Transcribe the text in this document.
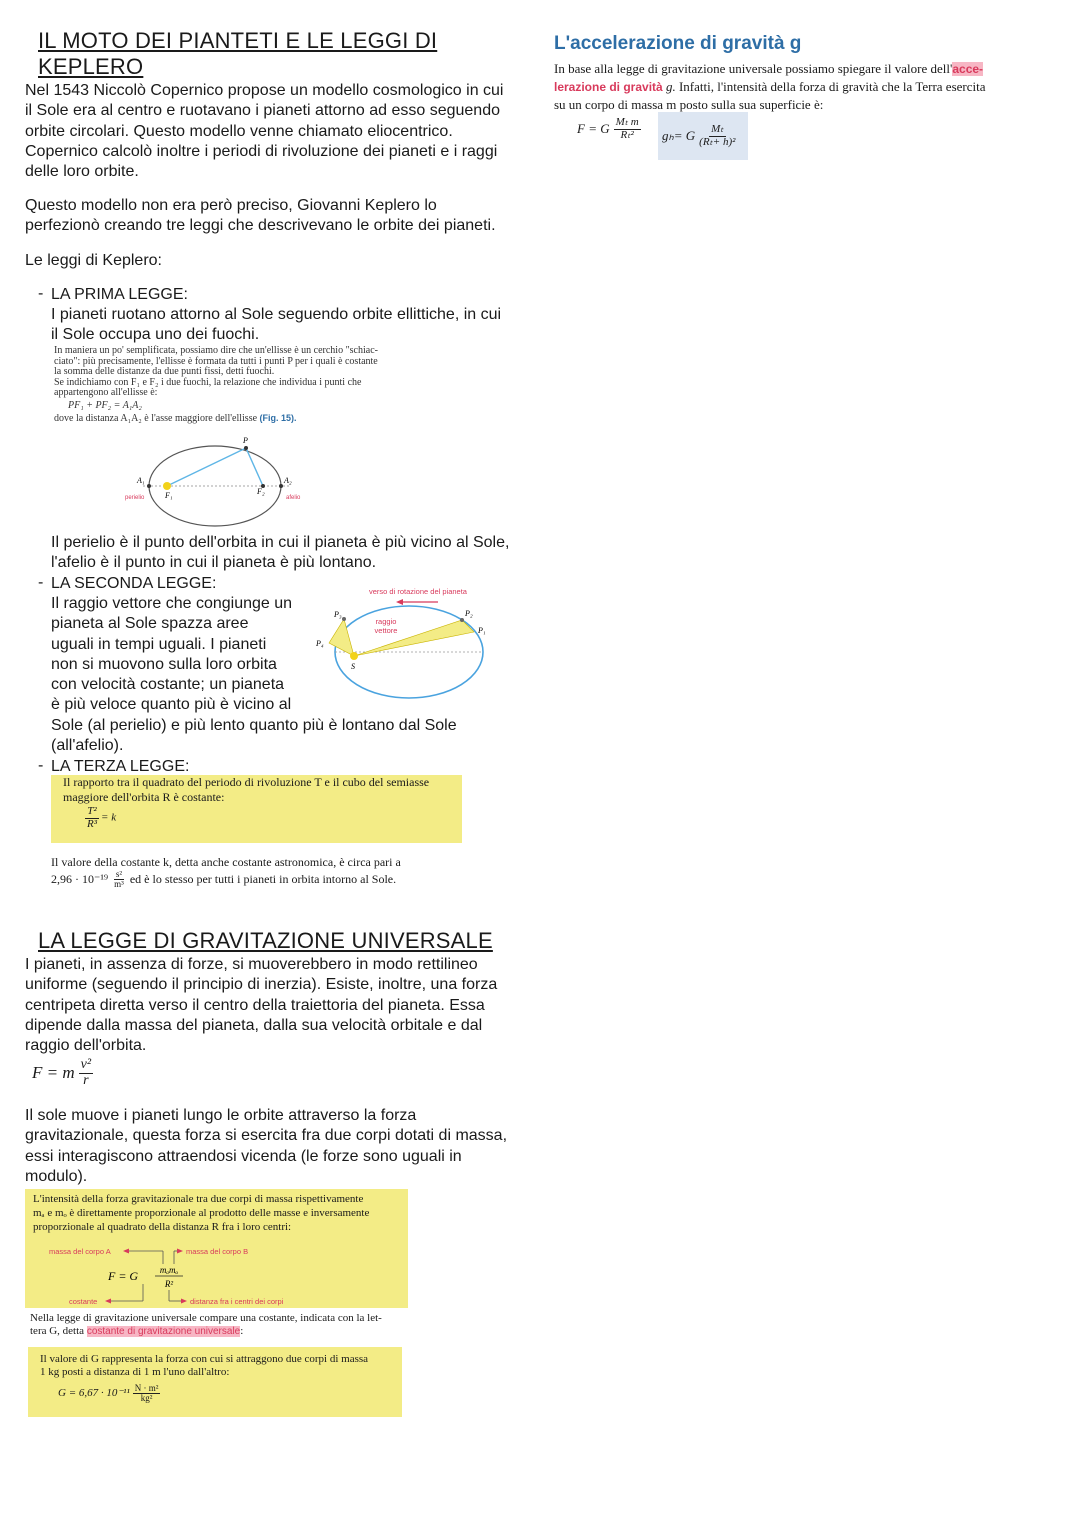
IL MOTO DEI PIANTETI E LE LEGGI DI
KEPLERO
Nel 1543 Niccolò Copernico propose un modello cosmologico in cui
il Sole era al centro e ruotavano i pianeti attorno ad esso seguendo
orbite circolari. Questo modello venne chiamato eliocentrico.
Copernico calcolò inoltre i periodi di rivoluzione dei pianeti e i raggi
delle loro orbite.
Questo modello non era però preciso, Giovanni Keplero lo
perfezionò creando tre leggi che descrivevano le orbite dei pianeti.
Le leggi di Keplero:
- LA PRIMA LEGGE:
I pianeti ruotano attorno al Sole seguendo orbite ellittiche, in cui
il Sole occupa uno dei fuochi.
In maniera un po' semplificata, possiamo dire che un'ellisse è un cerchio "schiac-
ciato": più precisamente, l'ellisse è formata da tutti i punti P per i quali è costante
la somma delle distanze da due punti fissi, detti fuochi.
Se indichiamo con F₁ e F₂ i due fuochi, la relazione che individua i punti che
appartengono all'ellisse è:
PF₁ + PF₂ = A₁A₂
dove la distanza A₁A₂ è l'asse maggiore dell'ellisse (Fig. 15).
P
A₁	A₂
F₁	F₂
perielio	afelio
Il perielio è il punto dell'orbita in cui il pianeta è più vicino al Sole,
l'afelio è il punto in cui il pianeta è più lontano.
- LA SECONDA LEGGE:
Il raggio vettore che congiunge un
pianeta al Sole spazza aree
uguali in tempi uguali. I pianeti
non si muovono sulla loro orbita
con velocità costante; un pianeta
è più veloce quanto più è vicino al
Sole (al perielio) e più lento quanto più è lontano dal Sole
(all'afelio).
verso di rotazione del pianeta
raggio
vettore	P₁
P₂
P₃
P₄
S
- LA TERZA LEGGE:
Il rapporto tra il quadrato del periodo di rivoluzione T e il cubo del semiasse
maggiore dell'orbita R è costante:
$\frac{\text{T²}}{\text{R³}} = k$
Il valore della costante k, detta anche costante astronomica, è circa pari a
$2,96 \cdot 10^{-19} \frac{\text{s²}}{\text{m³}}$ ed è lo stesso per tutti i pianeti in orbita intorno al Sole.
LA LEGGE DI GRAVITAZIONE UNIVERSALE
I pianeti, in assenza di forze, si muoverebbero in modo rettilineo
uniforme (seguendo il principio di inerzia). Esiste, inoltre, una forza
centripeta diretta verso il centro della traiettoria del pianeta. Essa
dipende dalla massa del pianeta, dalla sua velocità orbitale e dal
raggio dell'orbita.
F = m $\frac{\text{v²}}{r}$
Il sole muove i pianeti lungo le orbite attraverso la forza
gravitazionale, questa forza si esercita fra due corpi dotati di massa,
essi interagiscono attraendosi vicenda (le forze sono uguali in
modulo).
L'intensità della forza gravitazionale tra due corpi di massa rispettivamente
mₐ e mₒ è direttamente proporzionale al prodotto delle masse e inversamente
proporzionale al quadrato della distanza R fra i loro centri:
massa del corpo A	massa del corpo B
F = G mₐmₒ
R²
costante	distanza fra i centri dei corpi
Nella legge di gravitazione universale compare una costante, indicata con la let-
tera G, detta costante di gravitazione universale:
Il valore di G rappresenta la forza con cui si attraggono due corpi di massa
1 kg posti a distanza di 1 m l'uno dall'altro:
$G = 6,67 \cdot 10^{-11} \frac{\text{N · m²}}{\text{kg²}}$
L'accelerazione di gravità g
In base alla legge di gravitazione universale possiamo spiegare il valore dell'acce-
lerazione di gravità g. Infatti, l'intensità della forza di gravità che la Terra esercita
su un corpo di massa m posto sulla sua superficie è:
F = G $\frac{\text{Mₜ m}}{\text{Rₜ²}} g_h= G \frac{\text{Mₜ}}{\text{(Rₜ+ h)²}}$
